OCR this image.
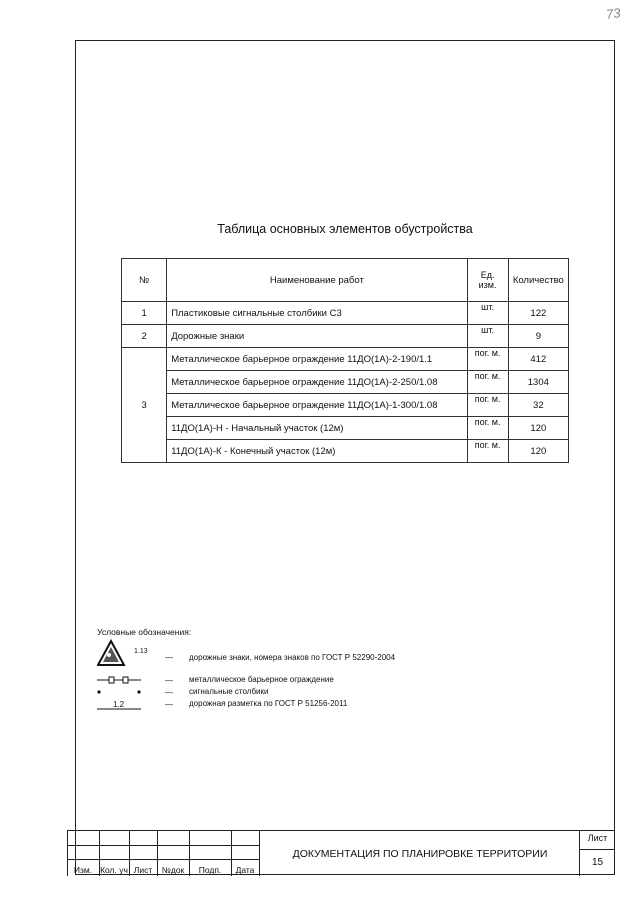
73
Таблица основных элементов обустройства
№	Наименование работ	Ед. изм.	Количество
1	Пластиковые сигнальные столбики С3	шт.	122
2	Дорожные знаки	шт.	9
3	Металлическое барьерное ограждение 11ДО(1А)-2-190/1.1	пог. м.	412
	Металлическое барьерное ограждение 11ДО(1А)-2-250/1.08	пог. м.	1304
	Металлическое барьерное ограждение 11ДО(1А)-1-300/1.08	пог. м.	32
	11ДО(1А)-Н - Начальный участок (12м)	пог. м.	120
	11ДО(1А)-К - Конечный участок (12м)	пог. м.	120
Условные обозначения:
1.13
— дорожные знаки, номера знаков по ГОСТ Р 52290-2004
— металлическое барьерное ограждение
— сигнальные столбики
1.2	— дорожная разметка по ГОСТ Р 51256-2011
Изм. Кол. уч Лист	№док	Подп.	Дата
ДОКУМЕНТАЦИЯ ПО ПЛАНИРОВКЕ ТЕРРИТОРИИ
Лист
15
